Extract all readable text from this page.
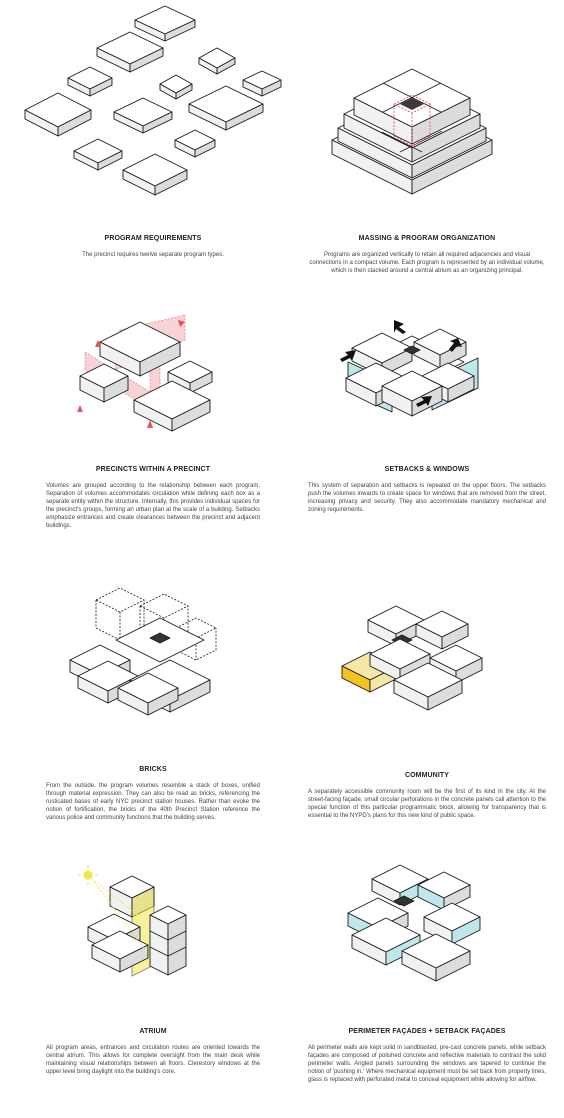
PROGRAM REQUIREMENTS

The precinct requires twelve separate program types.

MASSING & PROGRAM ORGANIZATION

Programs are organized vertically to retain all required adjacencies and visual connections in a compact volume. Each program is represented by an individual volume, which is then stacked around a central atrium as an organizing principal.

PRECINCTS WITHIN A PRECINCT

Volumes are grouped according to the relationship between each program. Separation of volumes accommodates circulation while defining each box as a separate entity within the structure. Internally, this provides individual spaces for the precinct's groups, forming an urban plan at the scale of a building. Setbacks emphasize entrances and create clearances between the precinct and adjacent buildings.

SETBACKS & WINDOWS

This system of separation and setbacks is repeated on the upper floors. The setbacks push the volumes inwards to create space for windows that are removed from the street, increasing privacy and security. They also accommodate mandatory mechanical and zoning requirements.

BRICKS

From the outside, the program volumes resemble a stack of boxes, unified through material expression. They can also be read as bricks, referencing the rusticated bases of early NYC precinct station houses. Rather than evoke the notion of fortification, the bricks of the 40th Precinct Station reference the various police and community functions that the building serves.

COMMUNITY

A separately accessible community room will be the first of its kind in the city. At the street-facing façade, small circular perforations in the concrete panels call attention to the special function of this particular programmatic block, allowing for transparency that is essential to the NYPD's plans for this new kind of public space.

ATRIUM

All program areas, entrances and circulation routes are oriented towards the central atrium. This allows for complete oversight from the main desk while maintaining visual relationships between all floors. Clerestory windows at the upper level bring daylight into the building's core.

PERIMETER FAÇADES + SETBACK FAÇADES

All perimeter walls are kept solid in sandblasted, pre-cast concrete panels, while setback façades are composed of polished concrete and reflective materials to contrast the solid perimeter walls. Angled panels surrounding the windows are tapered to continue the notion of 'pushing in.' Where mechanical equipment must be set back from property lines, glass is replaced with perforated metal to conceal equipment while allowing for airflow.
